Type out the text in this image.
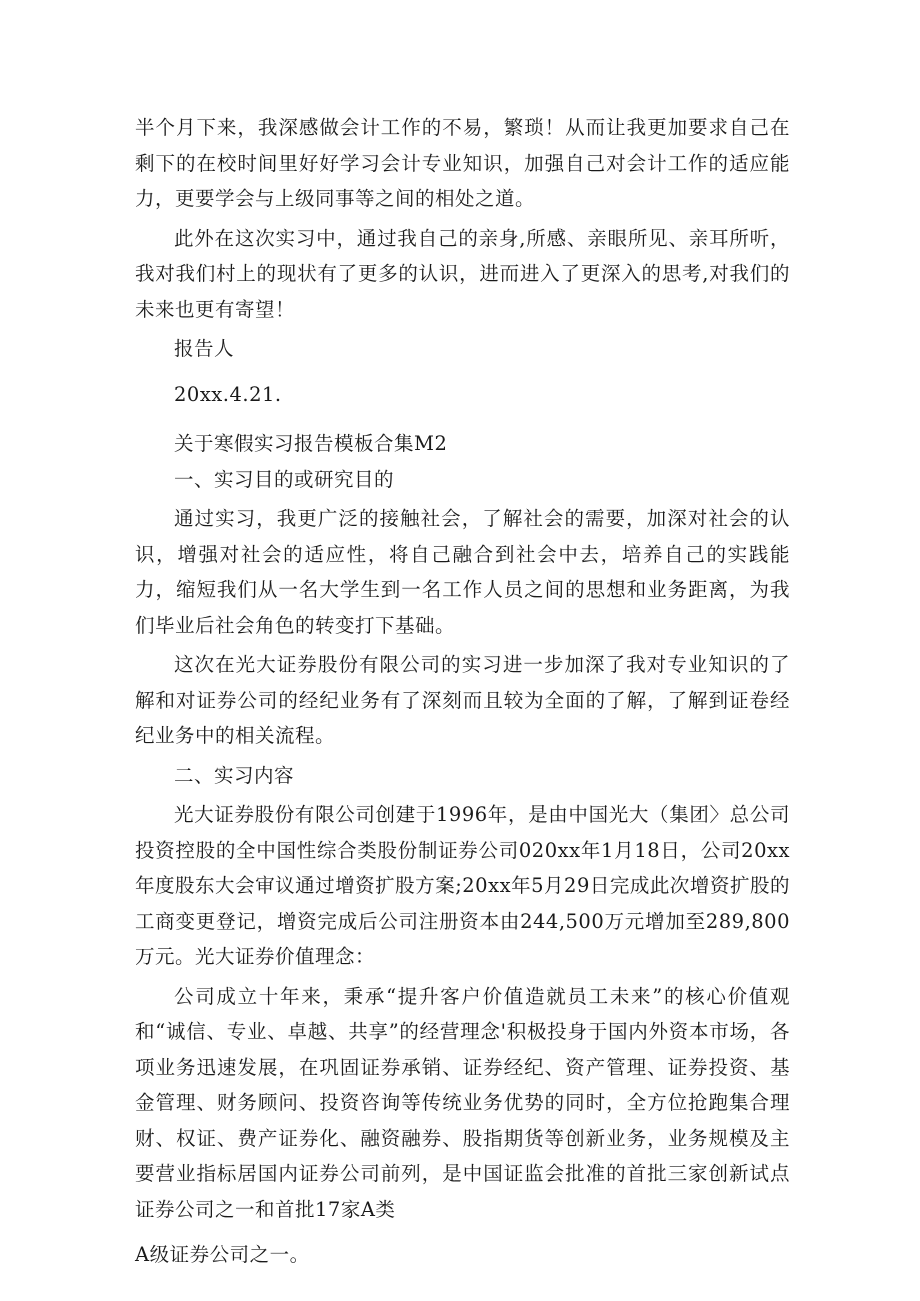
半个月下来，我深感做会计工作的不易，繁琐！从而让我更加要求自己在剩下的在校时间里好好学习会计专业知识，加强自己对会计工作的适应能力，更要学会与上级同事等之间的相处之道。

此外在这次实习中，通过我自己的亲身,所感、亲眼所见、亲耳所听，我对我们村上的现状有了更多的认识，进而进入了更深入的思考,对我们的未来也更有寄望！

报告人

20xx.4.21.

关于寒假实习报告模板合集M2

一、实习目的或研究目的

通过实习，我更广泛的接触社会，了解社会的需要，加深对社会的认识，增强对社会的适应性，将自己融合到社会中去，培养自己的实践能力，缩短我们从一名大学生到一名工作人员之间的思想和业务距离，为我们毕业后社会角色的转变打下基础。

这次在光大证券股份有限公司的实习进一步加深了我对专业知识的了解和对证券公司的经纪业务有了深刻而且较为全面的了解，了解到证卷经纪业务中的相关流程。

二、实习内容

光大证券股份有限公司创建于1996年，是由中国光大（集团〉总公司投资控股的全中国性综合类股份制证券公司020xx年1月18日，公司20xx年度股东大会审议通过增资扩股方案;20xx年5月29日完成此次增资扩股的工商变更登记，增资完成后公司注册资本由244,500万元增加至289,800万元。光大证券价值理念：

公司成立十年来，秉承“提升客户价值造就员工未来”的核心价值观和“诚信、专业、卓越、共享”的经营理念'积极投身于国内外资本市场，各项业务迅速发展，在巩固证券承销、证券经纪、资产管理、证券投资、基金管理、财务顾问、投资咨询等传统业务优势的同时，全方位抢跑集合理财、权证、费产证券化、融资融券、股指期货等创新业务，业务规模及主要营业指标居国内证券公司前列，是中国证监会批准的首批三家创新试点证券公司之一和首批17家A类

A级证券公司之一。
